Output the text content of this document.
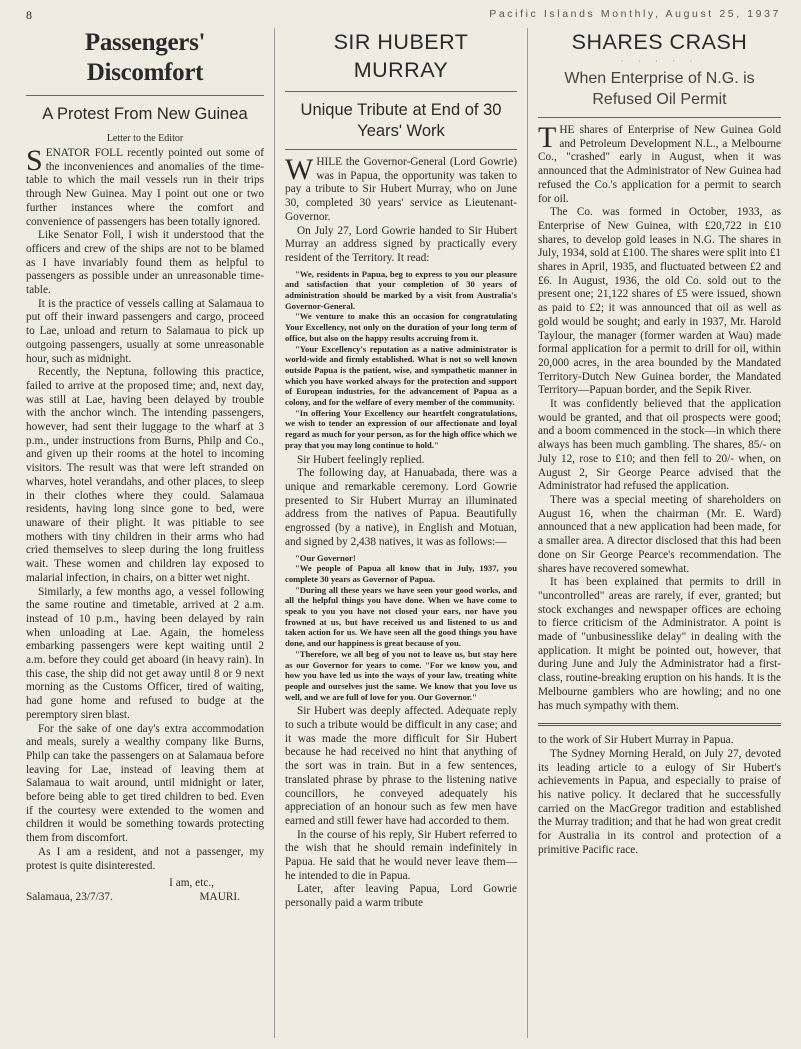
8	Pacific Islands Monthly, August 25, 1937
Passengers' Discomfort
A Protest From New Guinea
Letter to the Editor

SENATOR FOLL recently pointed out some of the inconveniences and anomalies of the time-table to which the mail vessels run in their trips through New Guinea. May I point out one or two further instances where the comfort and convenience of passengers has been totally ignored.

Like Senator Foll, I wish it understood that the officers and crew of the ships are not to be blamed as I have invariably found them as helpful to passengers as possible under an unreasonable time-table.

It is the practice of vessels calling at Salamaua to put off their inward passengers and cargo, proceed to Lae, unload and return to Salamaua to pick up outgoing passengers, usually at some unreasonable hour, such as midnight.

Recently, the Neptuna, following this practice, failed to arrive at the proposed time; and, next day, was still at Lae, having been delayed by trouble with the anchor winch. The intending passengers, however, had sent their luggage to the wharf at 3 p.m., under instructions from Burns, Philp and Co., and given up their rooms at the hotel to incoming visitors. The result was that were left stranded on wharves, hotel verandahs, and other places, to sleep in their clothes where they could. Salamaua residents, having long since gone to bed, were unaware of their plight. It was pitiable to see mothers with tiny children in their arms who had cried themselves to sleep during the long fruitless wait. These women and children lay exposed to malarial infection, in chairs, on a bitter wet night.

Similarly, a few months ago, a vessel following the same routine and timetable, arrived at 2 a.m. instead of 10 p.m., having been delayed by rain when unloading at Lae. Again, the homeless embarking passengers were kept waiting until 2 a.m. before they could get aboard (in heavy rain). In this case, the ship did not get away until 8 or 9 next morning as the Customs Officer, tired of waiting, had gone home and refused to budge at the peremptory siren blast.

For the sake of one day's extra accommodation and meals, surely a wealthy company like Burns, Philp can take the passengers on at Salamaua before leaving for Lae, instead of leaving them at Salamaua to wait around, until midnight or later, before being able to get tired children to bed. Even if the courtesy were extended to the women and children it would be something towards protecting them from discomfort.

As I am a resident, and not a passenger, my protest is quite disinterested.

I am, etc.,
Salamaua, 23/7/37.	MAURI.
SIR HUBERT MURRAY
Unique Tribute at End of 30 Years' Work

WHILE the Governor-General (Lord Gowrie) was in Papua, the opportunity was taken to pay a tribute to Sir Hubert Murray, who on June 30, completed 30 years' service as Lieutenant-Governor.

On July 27, Lord Gowrie handed to Sir Hubert Murray an address signed by practically every resident of the Territory. It read:

"We, residents in Papua, beg to express to you our pleasure and satisfaction that your completion of 30 years of administration should be marked by a visit from Australia's Governor-General.

"We venture to make this an occasion for congratulating Your Excellency, not only on the duration of your long term of office, but also on the happy results accruing from it.

"Your Excellency's reputation as a native administrator is world-wide and firmly established. What is not so well known outside Papua is the patient, wise, and sympathetic manner in which you have worked always for the protection and support of European industries, for the advancement of Papua as a colony, and for the welfare of every member of the community.

"In offering Your Excellency our heartfelt congratulations, we wish to tender an expression of our affectionate and loyal regard as much for your person, as for the high office which we pray that you may long continue to hold."

Sir Hubert feelingly replied.

The following day, at Hanuabada, there was a unique and remarkable ceremony. Lord Gowrie presented to Sir Hubert Murray an illuminated address from the natives of Papua. Beautifully engrossed (by a native), in English and Motuan, and signed by 2,438 natives, it was as follows:—

"Our Governor!

"We people of Papua all know that in July, 1937, you complete 30 years as Governor of Papua.

"During all these years we have seen your good works, and all the helpful things you have done. When we have come to speak to you you have not closed your ears, nor have you frowned at us, but have received us and listened to us and taken action for us. We have seen all the good things you have done, and our happiness is great because of you.

"Therefore, we all beg of you not to leave us, but stay here as our Governor for years to come. "For we know you, and how you have led us into the ways of your law, treating white people and ourselves just the same. We know that you love us well, and we are full of love for you. Our Governor."

Sir Hubert was deeply affected. Adequate reply to such a tribute would be difficult in any case; and it was made the more difficult for Sir Hubert because he had received no hint that anything of the sort was in train. But in a few sentences, translated phrase by phrase to the listening native councillors, he conveyed adequately his appreciation of an honour such as few men have earned and still fewer have had accorded to them.

In the course of his reply, Sir Hubert referred to the wish that he should remain indefinitely in Papua. He said that he would never leave them—he intended to die in Papua.

Later, after leaving Papua, Lord Gowrie personally paid a warm tribute

SHARES CRASH
· · · · ·
When Enterprise of N.G. is Refused Oil Permit

THE shares of Enterprise of New Guinea Gold and Petroleum Development N.L., a Melbourne Co., "crashed" early in August, when it was announced that the Administrator of New Guinea had refused the Co.'s application for a permit to search for oil.

The Co. was formed in October, 1933, as Enterprise of New Guinea, with £20,722 in £10 shares, to develop gold leases in N.G. The shares in July, 1934, sold at £100. The shares were split into £1 shares in April, 1935, and fluctuated between £2 and £6. In August, 1936, the old Co. sold out to the present one; 21,122 shares of £5 were issued, shown as paid to £2; it was announced that oil as well as gold would be sought; and early in 1937, Mr. Harold Taylour, the manager (former warden at Wau) made formal application for a permit to drill for oil, within 20,000 acres, in the area bounded by the Mandated Territory-Dutch New Guinea border, the Mandated Territory—Papuan border, and the Sepik River.

It was confidently believed that the application would be granted, and that oil prospects were good; and a boom commenced in the stock—in which there always has been much gambling. The shares, 85/- on July 12, rose to £10; and then fell to 20/- when, on August 2, Sir George Pearce advised that the Administrator had refused the application.

There was a special meeting of shareholders on August 16, when the chairman (Mr. E. Ward) announced that a new application had been made, for a smaller area. A director disclosed that this had been done on Sir George Pearce's recommendation. The shares have recovered somewhat.

It has been explained that permits to drill in "uncontrolled" areas are rarely, if ever, granted; but stock exchanges and newspaper offices are echoing to fierce criticism of the Administrator. A point is made of "unbusinesslike delay" in dealing with the application. It might be pointed out, however, that during June and July the Administrator had a first-class, routine-breaking eruption on his hands. It is the Melbourne gamblers who are howling; and no one has much sympathy with them.

to the work of Sir Hubert Murray in Papua.

The Sydney Morning Herald, on July 27, devoted its leading article to a eulogy of Sir Hubert's achievements in Papua, and especially to praise of his native policy. It declared that he successfully carried on the MacGregor tradition and established the Murray tradition; and that he had won great credit for Australia in its control and protection of a primitive Pacific race.
